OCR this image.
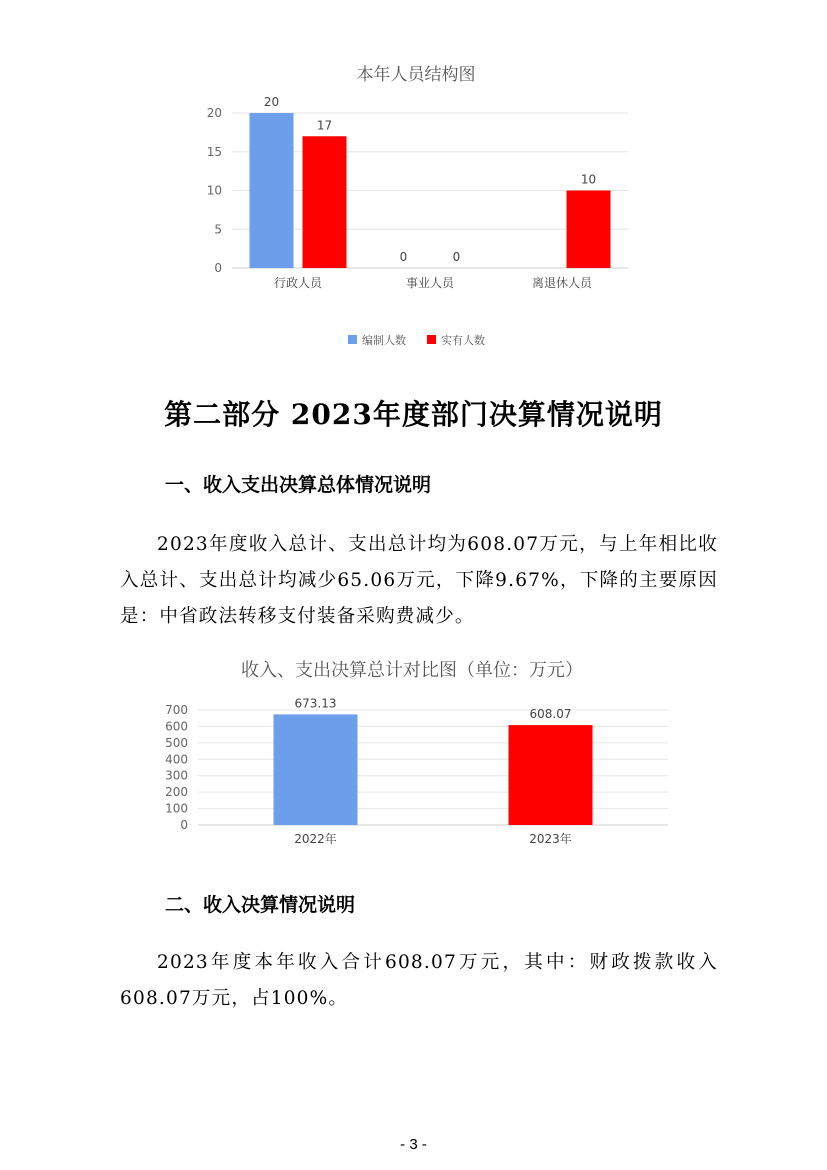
本年人员结构图
0
5
10
15
20
行政人员
20
17
事业人员
0	0
离退休人员
10
编制人数	实有人数
第二部分 2023年度部门决算情况说明
一、收入支出决算总体情况说明

2023年度收入总计、支出总计均为608.07万元，与上年相比收入总计、支出总计均减少65.06万元，下降9.67%，下降的主要原因是：中省政法转移支付装备采购费减少。

收入、支出决算总计对比图（单位：万元）
0
100
200
300
400
500
600
700	673.13
2022年
608.07
2023年
二、收入决算情况说明

2023年度本年收入合计608.07万元，其中：财政拨款收入608.07万元，占100%。

- 3 -
